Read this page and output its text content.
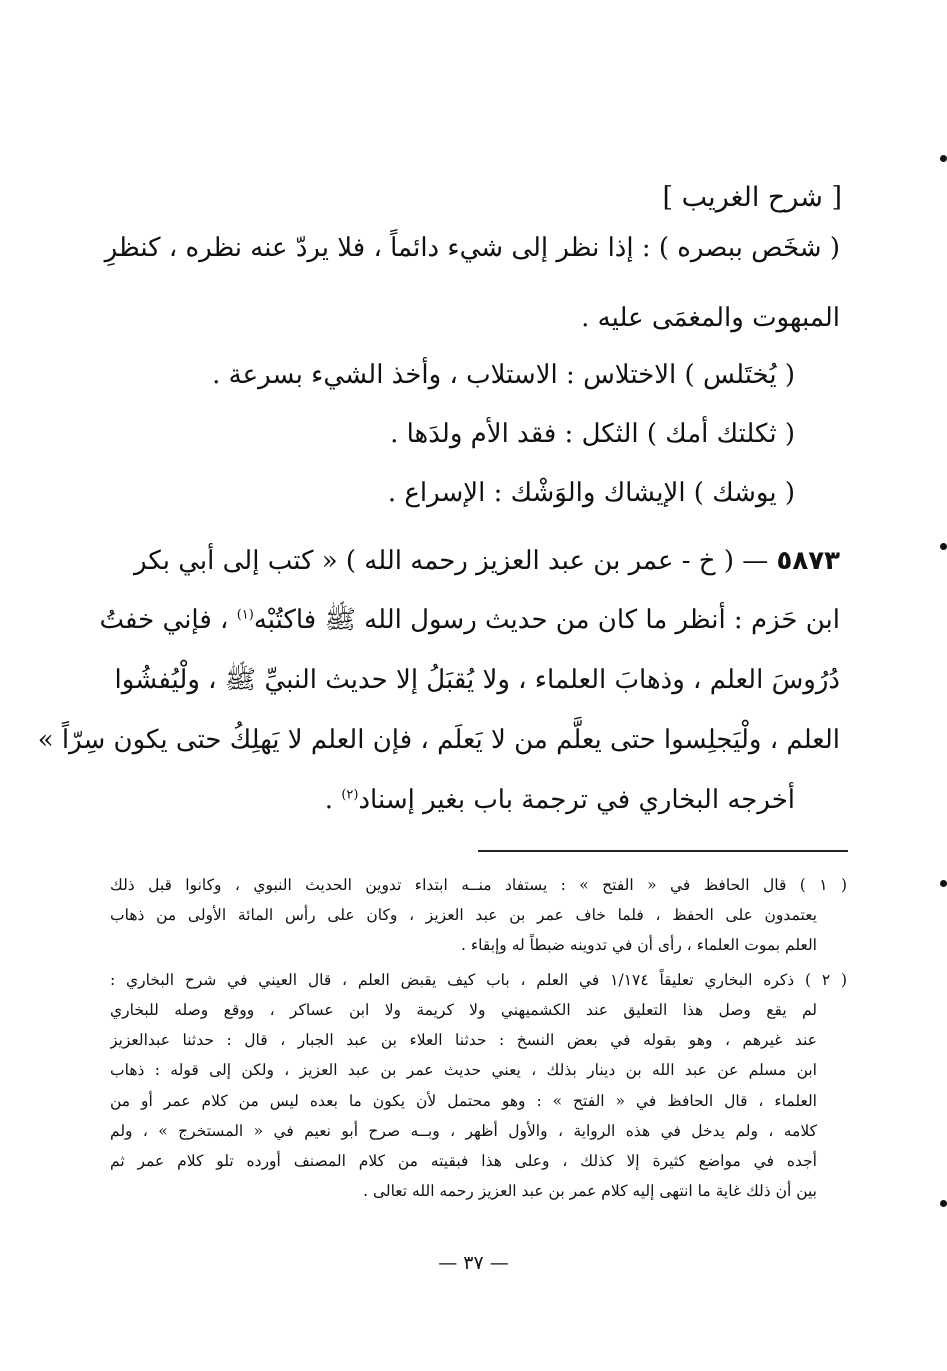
[ شرح الغريب ]
( شخَص ببصره ) : إذا نظر إلى شيء دائماً ، فلا يردّ عنه نظره ، كنظرِ
المبهوت والمغمَى عليه .
( يُختَلس ) الاختلاس : الاستلاب ، وأخذ الشيء بسرعة .
( ثكلتك أمك ) الثكل : فقد الأم ولدَها .
( يوشك ) الإيشاك والوَشْك : الإسراع .
٥٨٧٣ — ( خ - عمر بن عبد العزيز رحمه الله ) « كتب إلى أبي بكر
ابن حَزم : أنظر ما كان من حديث رسول الله ﷺ فاكتُبْه$^{(١)}$ ، فإني خفتُ
دُرُوسَ العلم ، وذهابَ العلماء ، ولا يُقبَلُ إلا حديث النبيِّ ﷺ ، ولْيُفشُوا
العلم ، ولْيَجلِسوا حتى يعلَّم من لا يَعلَم ، فإن العلم لا يَهلِكُ حتى يكون سِرّاً »
أخرجه البخاري في ترجمة باب بغير إسناد$^{(٢)}$ .
( ١ ) قال الحافظ في « الفتح » : يستفاد منــه ابتداء تدوين الحديث النبوي ، وكانوا قبل ذلك
يعتمدون على الحفظ ، فلما خاف عمر بن عبد العزيز ، وكان على رأس المائة الأولى من ذهاب
العلم بموت العلماء ، رأى أن في تدوينه ضبطاً له وإبقاء .
( ٢ ) ذكره البخاري تعليقاً ١/١٧٤ في العلم ، باب كيف يقبض العلم ، قال العيني في شرح البخاري :
لم يقع وصل هذا التعليق عند الكشميهني ولا كريمة ولا ابن عساكر ، ووقع وصله للبخاري
عند غيرهم ، وهو بقوله في بعض النسخ : حدثنا العلاء بن عبد الجبار ، قال : حدثنا عبدالعزيز
ابن مسلم عن عبد الله بن دينار بذلك ، يعني حديث عمر بن عبد العزيز ، ولكن إلى قوله : ذهاب
العلماء ، قال الحافظ في « الفتح » : وهو محتمل لأن يكون ما بعده ليس من كلام عمر أو من
كلامه ، ولم يدخل في هذه الرواية ، والأول أظهر ، وبــه صرح أبو نعيم في « المستخرج » ، ولم
أجده في مواضع كثيرة إلا كذلك ، وعلى هذا فبقيته من كلام المصنف أورده تلو كلام عمر ثم
بين أن ذلك غاية ما انتهى إليه كلام عمر بن عبد العزيز رحمه الله تعالى .
— ٣٧ —
